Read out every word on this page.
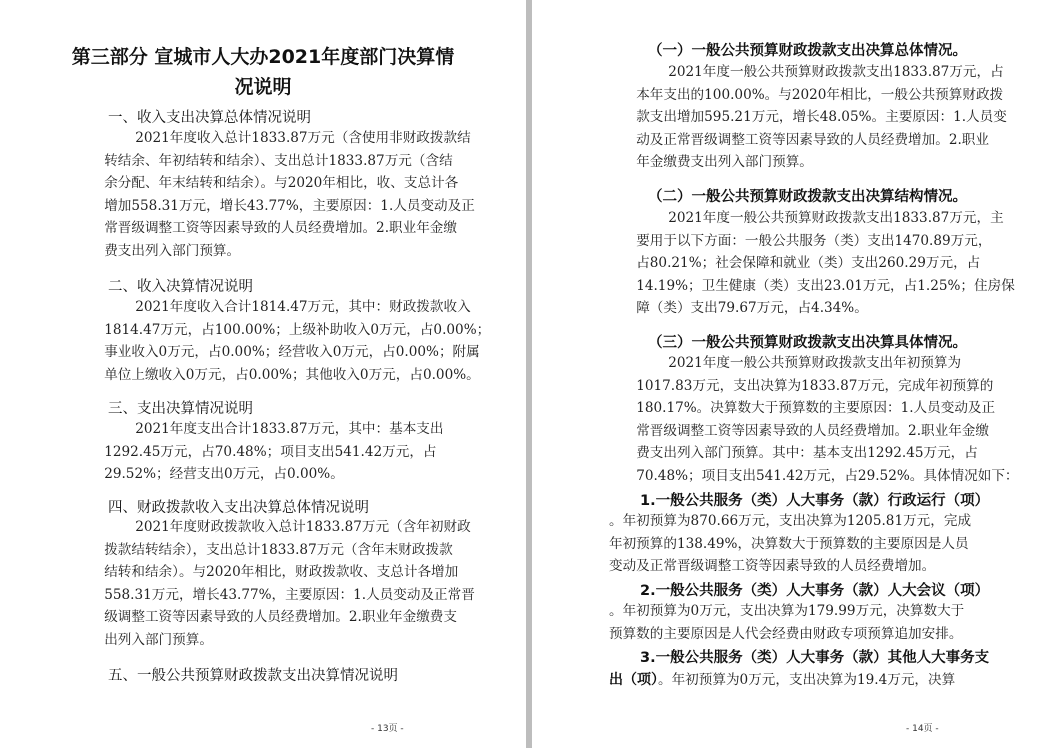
第三部分 宣城市人大办2021年度部门决算情
况说明
一、收入支出决算总体情况说明
2021年度收入总计1833.87万元（含使用非财政拨款结
转结余、年初结转和结余）、支出总计1833.87万元（含结
余分配、年末结转和结余）。与2020年相比，收、支总计各
增加558.31万元，增长43.77%，主要原因：1.人员变动及正
常晋级调整工资等因素导致的人员经费增加。2.职业年金缴
费支出列入部门预算。
二、收入决算情况说明
2021年度收入合计1814.47万元，其中：财政拨款收入
1814.47万元，占100.00%；上级补助收入0万元，占0.00%；
事业收入0万元，占0.00%；经营收入0万元，占0.00%；附属
单位上缴收入0万元，占0.00%；其他收入0万元，占0.00%。
三、支出决算情况说明
2021年度支出合计1833.87万元，其中：基本支出
1292.45万元，占70.48%；项目支出541.42万元，占
29.52%；经营支出0万元，占0.00%。
四、财政拨款收入支出决算总体情况说明
2021年度财政拨款收入总计1833.87万元（含年初财政
拨款结转结余），支出总计1833.87万元（含年末财政拨款
结转和结余）。与2020年相比，财政拨款收、支总计各增加
558.31万元，增长43.77%，主要原因：1.人员变动及正常晋
级调整工资等因素导致的人员经费增加。2.职业年金缴费支
出列入部门预算。
五、一般公共预算财政拨款支出决算情况说明
- 13页 -
（一）一般公共预算财政拨款支出决算总体情况。
2021年度一般公共预算财政拨款支出1833.87万元，占
本年支出的100.00%。与2020年相比，一般公共预算财政拨
款支出增加595.21万元，增长48.05%。主要原因：1.人员变
动及正常晋级调整工资等因素导致的人员经费增加。2.职业
年金缴费支出列入部门预算。
（二）一般公共预算财政拨款支出决算结构情况。
2021年度一般公共预算财政拨款支出1833.87万元，主
要用于以下方面：一般公共服务（类）支出1470.89万元，
占80.21%；社会保障和就业（类）支出260.29万元，占
14.19%；卫生健康（类）支出23.01万元，占1.25%；住房保
障（类）支出79.67万元，占4.34%。
（三）一般公共预算财政拨款支出决算具体情况。
2021年度一般公共预算财政拨款支出年初预算为
1017.83万元，支出决算为1833.87万元，完成年初预算的
180.17%。决算数大于预算数的主要原因：1.人员变动及正
常晋级调整工资等因素导致的人员经费增加。2.职业年金缴
费支出列入部门预算。其中：基本支出1292.45万元，占
70.48%；项目支出541.42万元，占29.52%。具体情况如下：
1.一般公共服务（类）人大事务（款）行政运行（项）
。年初预算为870.66万元，支出决算为1205.81万元，完成
年初预算的138.49%，决算数大于预算数的主要原因是人员
变动及正常晋级调整工资等因素导致的人员经费增加。
2.一般公共服务（类）人大事务（款）人大会议（项）
。年初预算为0万元，支出决算为179.99万元，决算数大于
预算数的主要原因是人代会经费由财政专项预算追加安排。
3.一般公共服务（类）人大事务（款）其他人大事务支
出（项）。年初预算为0万元，支出决算为19.4万元，决算
- 14页 -
